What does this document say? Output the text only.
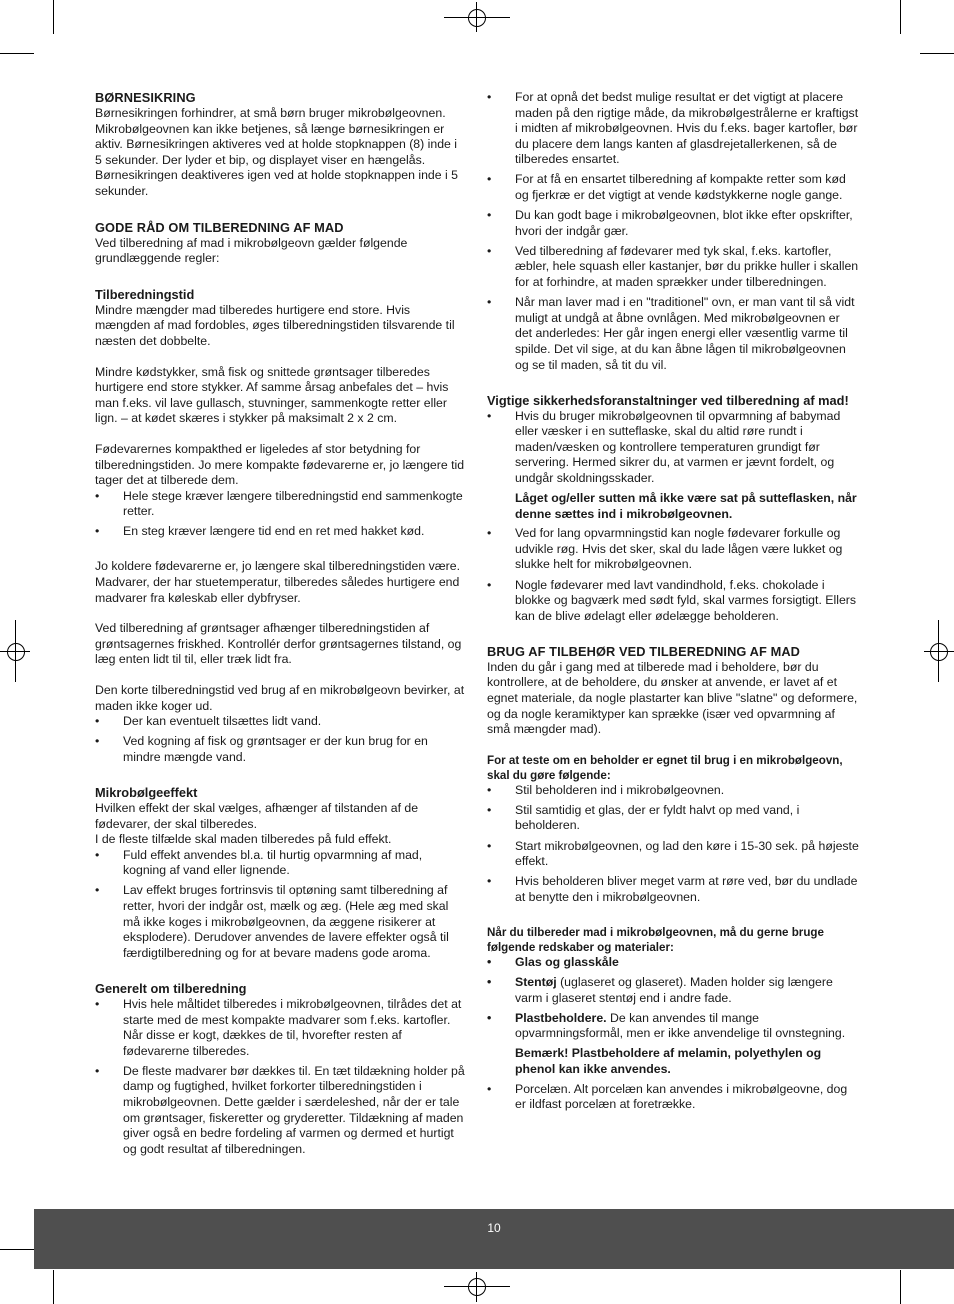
BØRNESIKRING

Børnesikringen forhindrer, at små børn bruger mikrobølgeovnen. Mikrobølgeovnen kan ikke betjenes, så længe børnesikringen er aktiv. Børnesikringen aktiveres ved at holde stopknappen (8) inde i 5 sekunder. Der lyder et bip, og displayet viser en hængelås. Børnesikringen deaktiveres igen ved at holde stopknappen inde i 5 sekunder.

GODE RÅD OM TILBEREDNING AF MAD

Ved tilberedning af mad i mikrobølgeovn gælder følgende grundlæggende regler:

Tilberedningstid

Mindre mængder mad tilberedes hurtigere end store. Hvis mængden af mad fordobles, øges tilberedningstiden tilsvarende til næsten det dobbelte.

Mindre kødstykker, små fisk og snittede grøntsager tilberedes hurtigere end store stykker. Af samme årsag anbefales det – hvis man f.eks. vil lave gullasch, stuvninger, sammenkogte retter eller lign. – at kødet skæres i stykker på maksimalt 2 x 2 cm.

Fødevarernes kompakthed er ligeledes af stor betydning for tilberedningstiden. Jo mere kompakte fødevarerne er, jo længere tid tager det at tilberede dem.

• Hele stege kræver længere tilberedningstid end sammenkogte retter.
• En steg kræver længere tid end en ret med hakket kød.

Jo koldere fødevarerne er, jo længere skal tilberedningstiden være. Madvarer, der har stuetemperatur, tilberedes således hurtigere end madvarer fra køleskab eller dybfryser.

Ved tilberedning af grøntsager afhænger tilberedningstiden af grøntsagernes friskhed. Kontrollér derfor grøntsagernes tilstand, og læg enten lidt til til, eller træk lidt fra.

Den korte tilberedningstid ved brug af en mikrobølgeovn bevirker, at maden ikke koger ud.

• Der kan eventuelt tilsættes lidt vand.
• Ved kogning af fisk og grøntsager er der kun brug for en mindre mængde vand.
Mikrobølgeeffekt

Hvilken effekt der skal vælges, afhænger af tilstanden af de fødevarer, der skal tilberedes.

I de fleste tilfælde skal maden tilberedes på fuld effekt.

• Fuld effekt anvendes bl.a. til hurtig opvarmning af mad, kogning af vand eller lignende.
• Lav effekt bruges fortrinsvis til optøning samt tilberedning af retter, hvori der indgår ost, mælk og æg. (Hele æg med skal må ikke koges i mikrobølgeovnen, da æggene risikerer at eksplodere). Derudover anvendes de lavere effekter også til færdigtilberedning og for at bevare madens gode aroma.
Generelt om tilberedning
• Hvis hele måltidet tilberedes i mikrobølgeovnen, tilrådes det at starte med de mest kompakte madvarer som f.eks. kartofler. Når disse er kogt, dækkes de til, hvorefter resten af fødevarerne tilberedes.
• De fleste madvarer bør dækkes til. En tæt tildækning holder på damp og fugtighed, hvilket forkorter tilberedningstiden i mikrobølgeovnen. Dette gælder i særdeleshed, når der er tale om grøntsager, fiskeretter og gryderetter. Tildækning af maden giver også en bedre fordeling af varmen og dermed et hurtigt og godt resultat af tilberedningen.
• For at opnå det bedst mulige resultat er det vigtigt at placere maden på den rigtige måde, da mikrobølgestrålerne er kraftigst i midten af mikrobølgeovnen. Hvis du f.eks. bager kartofler, bør du placere dem langs kanten af glasdrejetallerkenen, så de tilberedes ensartet.
• For at få en ensartet tilberedning af kompakte retter som kød og fjerkræ er det vigtigt at vende kødstykkerne nogle gange.
• Du kan godt bage i mikrobølgeovnen, blot ikke efter opskrifter, hvori der indgår gær.
• Ved tilberedning af fødevarer med tyk skal, f.eks. kartofler, æbler, hele squash eller kastanjer, bør du prikke huller i skallen for at forhindre, at maden sprækker under tilberedningen.
• Når man laver mad i en "traditionel" ovn, er man vant til så vidt muligt at undgå at åbne ovnlågen. Med mikrobølgeovnen er det anderledes: Her går ingen energi eller væsentlig varme til spilde. Det vil sige, at du kan åbne lågen til mikrobølgeovnen og se til maden, så tit du vil.
Vigtige sikkerhedsforanstaltninger ved tilberedning af mad!
• Hvis du bruger mikrobølgeovnen til opvarmning af babymad eller væsker i en sutteflaske, skal du altid røre rundt i maden/væsken og kontrollere temperaturen grundigt før servering. Hermed sikrer du, at varmen er jævnt fordelt, og undgår skoldningsskader.

Låget og/eller sutten må ikke være sat på sutteflasken, når denne sættes ind i mikrobølgeovnen.

• Ved for lang opvarmningstid kan nogle fødevarer forkulle og udvikle røg. Hvis det sker, skal du lade lågen være lukket og slukke helt for mikrobølgeovnen.
• Nogle fødevarer med lavt vandindhold, f.eks. chokolade i blokke og bagværk med sødt fyld, skal varmes forsigtigt. Ellers kan de blive ødelagt eller ødelægge beholderen.
BRUG AF TILBEHØR VED TILBEREDNING AF MAD

Inden du går i gang med at tilberede mad i beholdere, bør du kontrollere, at de beholdere, du ønsker at anvende, er lavet af et egnet materiale, da nogle plastarter kan blive "slatne" og deformere, og da nogle keramiktyper kan sprække (især ved opvarmning af små mængder mad).

For at teste om en beholder er egnet til brug i en mikrobølgeovn, skal du gøre følgende:

• Stil beholderen ind i mikrobølgeovnen.
• Stil samtidig et glas, der er fyldt halvt op med vand, i beholderen.
• Start mikrobølgeovnen, og lad den køre i 15-30 sek. på højeste effekt.
• Hvis beholderen bliver meget varm at røre ved, bør du undlade at benytte den i mikrobølgeovnen.

Når du tilbereder mad i mikrobølgeovnen, må du gerne bruge følgende redskaber og materialer:

• Glas og glasskåle
• Stentøj (uglaseret og glaseret). Maden holder sig længere varm i glaseret stentøj end i andre fade.
• Plastbeholdere. De kan anvendes til mange opvarmningsformål, men er ikke anvendelige til ovnstegning.

Bemærk! Plastbeholdere af melamin, polyethylen og phenol kan ikke anvendes.

• Porcelæn. Alt porcelæn kan anvendes i mikrobølgeovne, dog er ildfast porcelæn at foretrække.
10
